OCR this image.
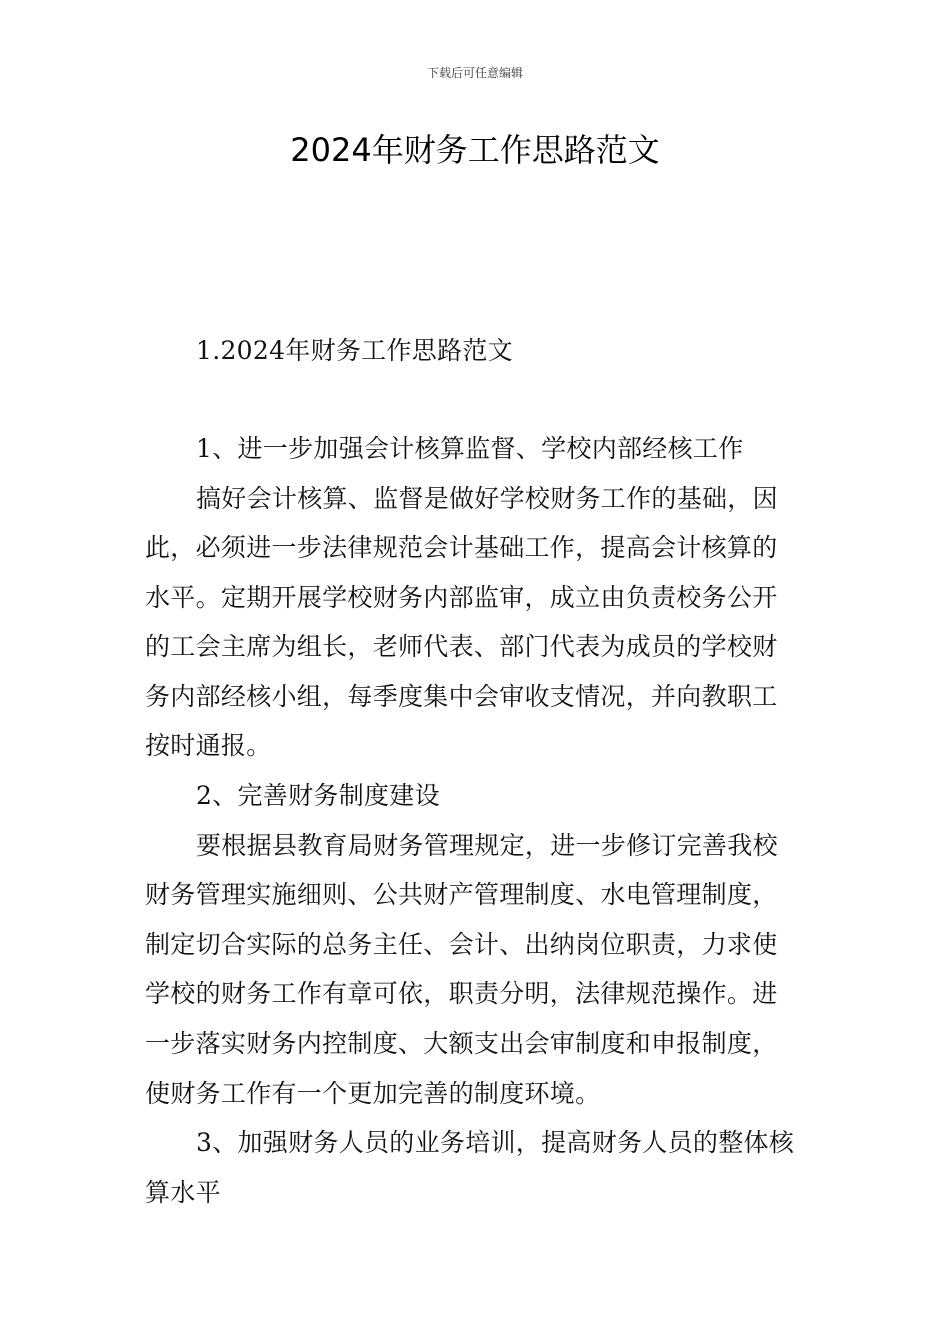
下载后可任意编辑
2024年财务工作思路范文
1.2024年财务工作思路范文
1、进一步加强会计核算监督、学校内部经核工作
搞好会计核算、监督是做好学校财务工作的基础，因
此，必须进一步法律规范会计基础工作，提高会计核算的
水平。定期开展学校财务内部监审，成立由负责校务公开
的工会主席为组长，老师代表、部门代表为成员的学校财
务内部经核小组，每季度集中会审收支情况，并向教职工
按时通报。
2、完善财务制度建设
要根据县教育局财务管理规定，进一步修订完善我校
财务管理实施细则、公共财产管理制度、水电管理制度，
制定切合实际的总务主任、会计、出纳岗位职责，力求使
学校的财务工作有章可依，职责分明，法律规范操作。进
一步落实财务内控制度、大额支出会审制度和申报制度，
使财务工作有一个更加完善的制度环境。
3、加强财务人员的业务培训，提高财务人员的整体核
算水平
